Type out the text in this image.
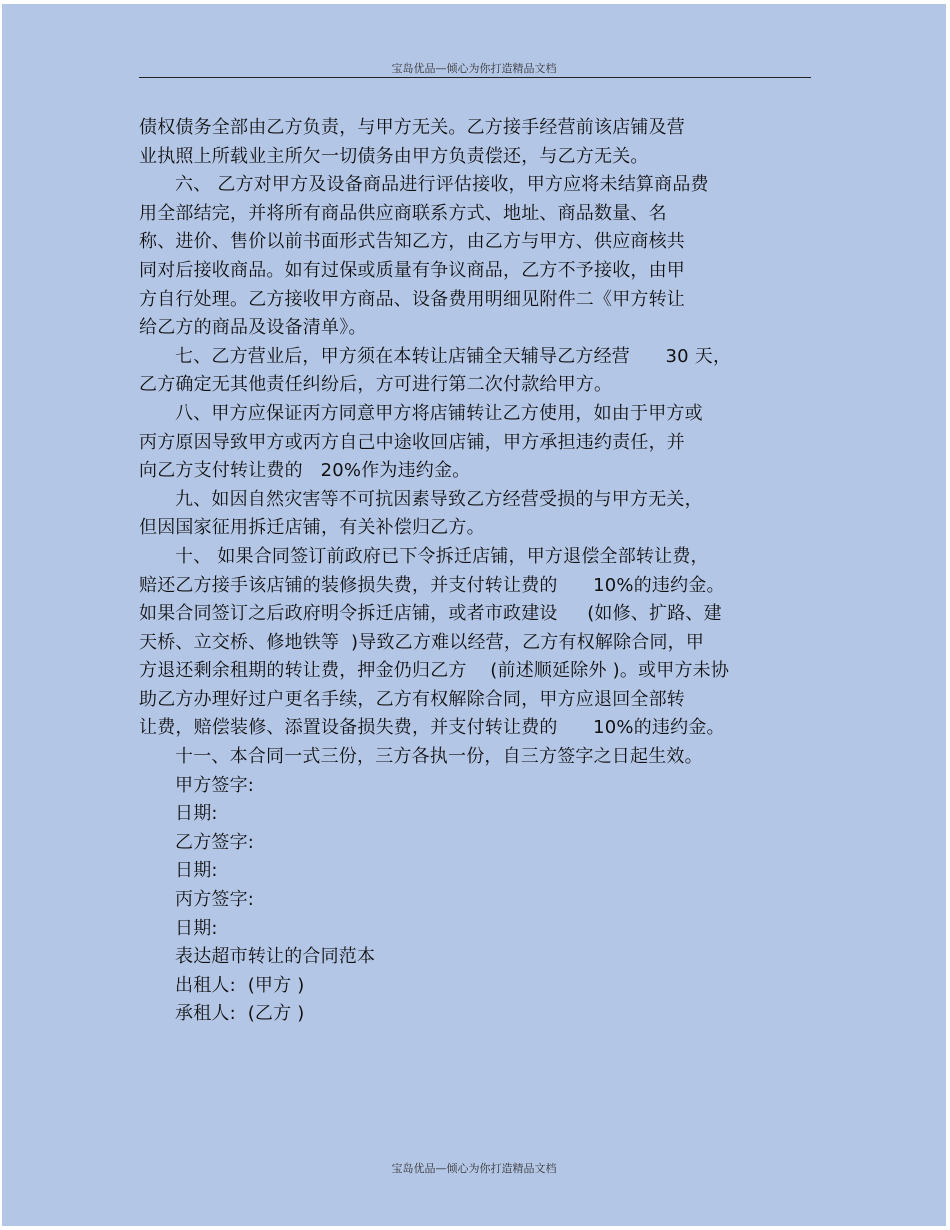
宝岛优品—倾心为你打造精品文档
债权债务全部由乙方负责，与甲方无关。乙方接手经营前该店铺及营
业执照上所载业主所欠一切债务由甲方负责偿还，与乙方无关。
六、 乙方对甲方及设备商品进行评估接收，甲方应将未结算商品费
用全部结完，并将所有商品供应商联系方式、地址、商品数量、名
称、进价、售价以前书面形式告知乙方，由乙方与甲方、供应商核共
同对后接收商品。如有过保或质量有争议商品，乙方不予接收，由甲
方自行处理。乙方接收甲方商品、设备费用明细见附件二《甲方转让
给乙方的商品及设备清单》。
七、乙方营业后，甲方须在本转让店铺全天辅导乙方经营      30 天，
乙方确定无其他责任纠纷后，方可进行第二次付款给甲方。
八、甲方应保证丙方同意甲方将店铺转让乙方使用，如由于甲方或
丙方原因导致甲方或丙方自己中途收回店铺，甲方承担违约责任，并
向乙方支付转让费的   20%作为违约金。
九、如因自然灾害等不可抗因素导致乙方经营受损的与甲方无关，
但因国家征用拆迁店铺，有关补偿归乙方。
十、 如果合同签订前政府已下令拆迁店铺，甲方退偿全部转让费，
赔还乙方接手该店铺的装修损失费，并支付转让费的      10%的违约金。
如果合同签订之后政府明令拆迁店铺，或者市政建设     (如修、扩路、建
天桥、立交桥、修地铁等  )导致乙方难以经营，乙方有权解除合同，甲
方退还剩余租期的转让费，押金仍归乙方    (前述顺延除外 )。或甲方未协
助乙方办理好过户更名手续，乙方有权解除合同，甲方应退回全部转
让费，赔偿装修、添置设备损失费，并支付转让费的      10%的违约金。
十一、本合同一式三份，三方各执一份，自三方签字之日起生效。
甲方签字:
日期:
乙方签字:
日期:
丙方签字:
日期:
表达超市转让的合同范本
出租人:  (甲方 )
承租人:  (乙方 )
宝岛优品—倾心为你打造精品文档
